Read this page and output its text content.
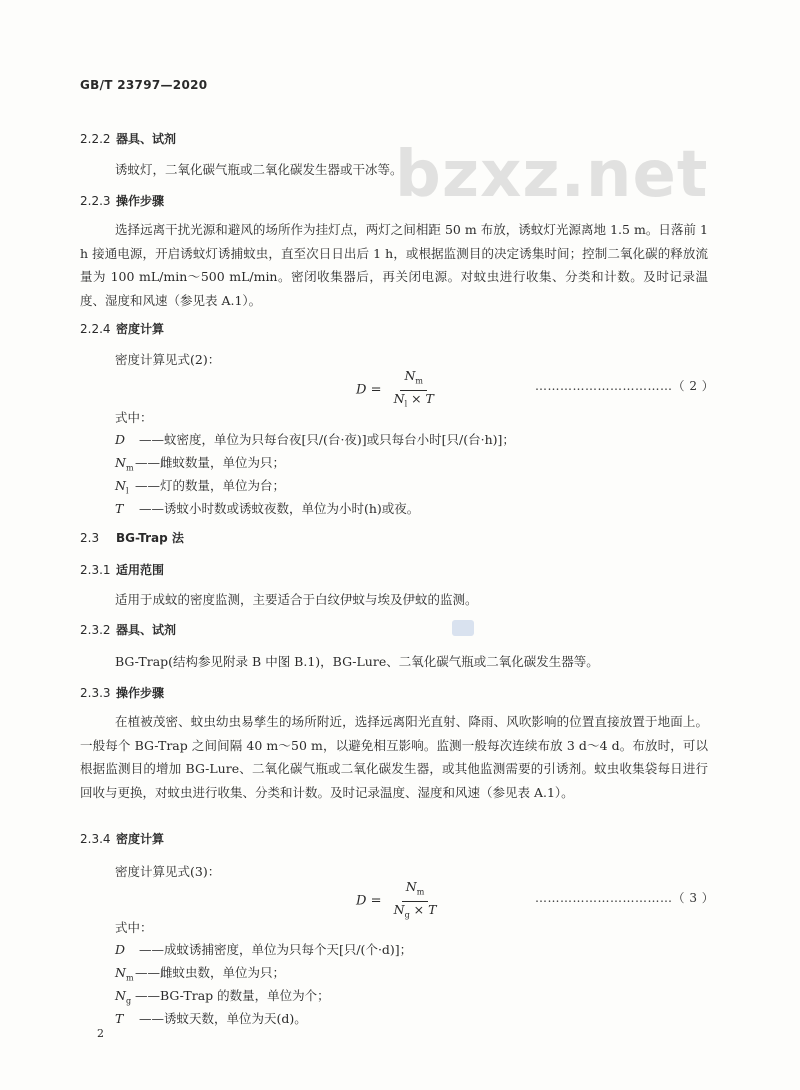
GB/T 23797—2020
bzxz.net
2.2.2 器具、试剂
诱蚊灯，二氧化碳气瓶或二氧化碳发生器或干冰等。
2.2.3 操作步骤
选择远离干扰光源和避风的场所作为挂灯点，两灯之间相距 50 m 布放，诱蚊灯光源离地 1.5 m。日落前 1 h 接通电源，开启诱蚊灯诱捕蚊虫，直至次日日出后 1 h，或根据监测目的决定诱集时间；控制二氧化碳的释放流量为 100 mL/min～500 mL/min。密闭收集器后，再关闭电源。对蚊虫进行收集、分类和计数。及时记录温度、湿度和风速（参见表 A.1）。
2.2.4 密度计算
密度计算见式(2)：
$D = \frac{N_m}{N_l \times T}$	……………………………（ 2 ）
式中：
D ——蚊密度，单位为只每台夜[只/(台·夜)]或只每台小时[只/(台·h)]；
$N_m——$雌蚊数量，单位为只；
$N_l$ ——灯的数量，单位为台；
T ——诱蚊小时数或诱蚊夜数，单位为小时(h)或夜。
2.3 BG-Trap 法
2.3.1 适用范围
适用于成蚊的密度监测，主要适合于白纹伊蚊与埃及伊蚊的监测。
2.3.2 器具、试剂
BG-Trap(结构参见附录 B 中图 B.1)，BG-Lure、二氧化碳气瓶或二氧化碳发生器等。
2.3.3 操作步骤
在植被茂密、蚊虫幼虫易孳生的场所附近，选择远离阳光直射、降雨、风吹影响的位置直接放置于地面上。一般每个 BG-Trap 之间间隔 40 m～50 m，以避免相互影响。监测一般每次连续布放 3 d～4 d。布放时，可以根据监测目的增加 BG-Lure、二氧化碳气瓶或二氧化碳发生器，或其他监测需要的引诱剂。蚊虫收集袋每日进行回收与更换，对蚊虫进行收集、分类和计数。及时记录温度、湿度和风速（参见表 A.1）。
2.3.4 密度计算
密度计算见式(3)：
$D = \frac{N_m}{N_g \times T}$	……………………………（ 3 ）
式中：
D ——成蚊诱捕密度，单位为只每个天[只/(个·d)]；
$N_m——$雌蚊虫数，单位为只；
$N_g$ ——BG-Trap 的数量，单位为个；
T ——诱蚊天数，单位为天(d)。
2
